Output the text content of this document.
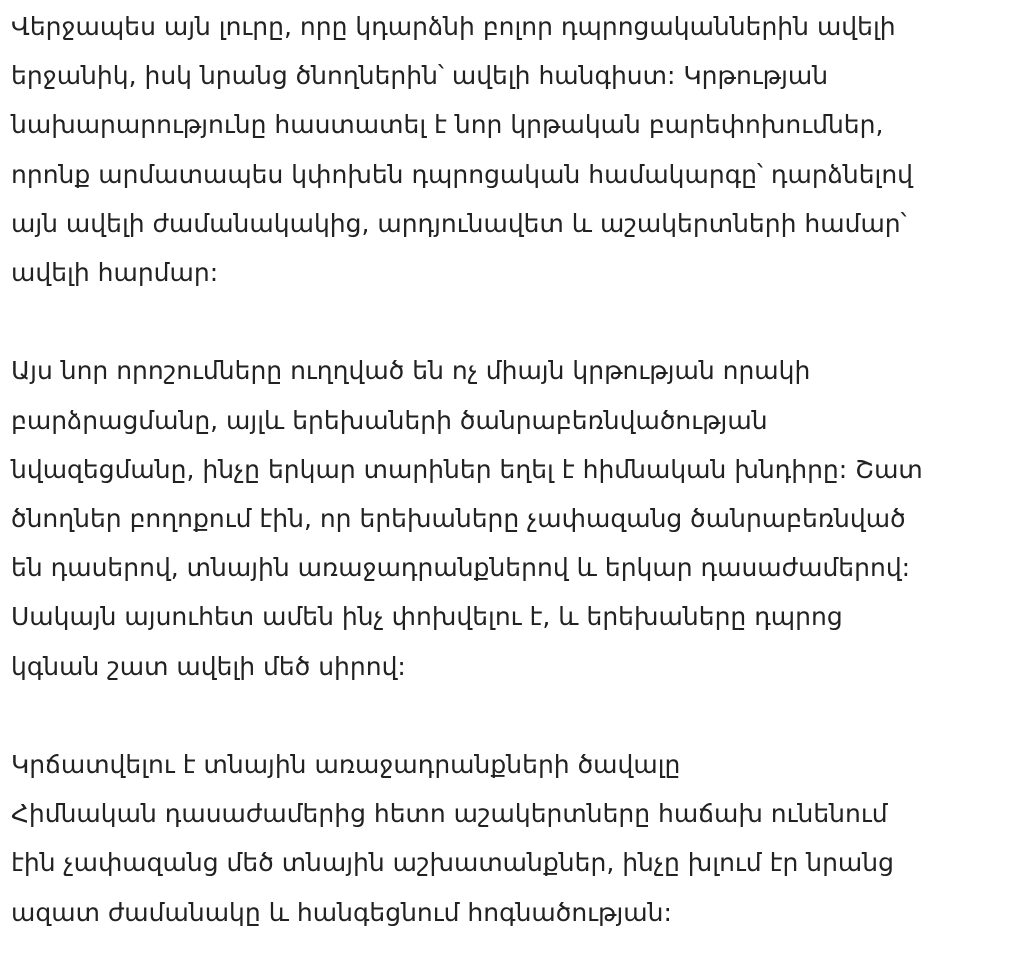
Վերջապես այն լուրը, որը կդարձնի բոլոր դպրոցականներին ավելի
երջանիկ, իսկ նրանց ծնողներին՝ ավելի հանգիստ: Կրթության
նախարարությունը հաստատել է նոր կրթական բարեփոխումներ,
որոնք արմատապես կփոխեն դպրոցական համակարգը՝ դարձնելով
այն ավելի ժամանակակից, արդյունավետ և աշակերտների համար՝
ավելի հարմար:

Այս նոր որոշումները ուղղված են ոչ միայն կրթության որակի
բարձրացմանը, այլև երեխաների ծանրաբեռնվածության
նվազեցմանը, ինչը երկար տարիներ եղել է հիմնական խնդիրը: Շատ
ծնողներ բողոքում էին, որ երեխաները չափազանց ծանրաբեռնված
են դասերով, տնային առաջադրանքներով և երկար դասաժամերով:
Սակայն այսուհետ ամեն ինչ փոխվելու է, և երեխաները դպրոց
կգնան շատ ավելի մեծ սիրով:

Կրճատվելու է տնային առաջադրանքների ծավալը
Հիմնական դասաժամերից հետո աշակերտները հաճախ ունենում
էին չափազանց մեծ տնային աշխատանքներ, ինչը խլում էր նրանց
ազատ ժամանակը և հանգեցնում հոգնածության:
